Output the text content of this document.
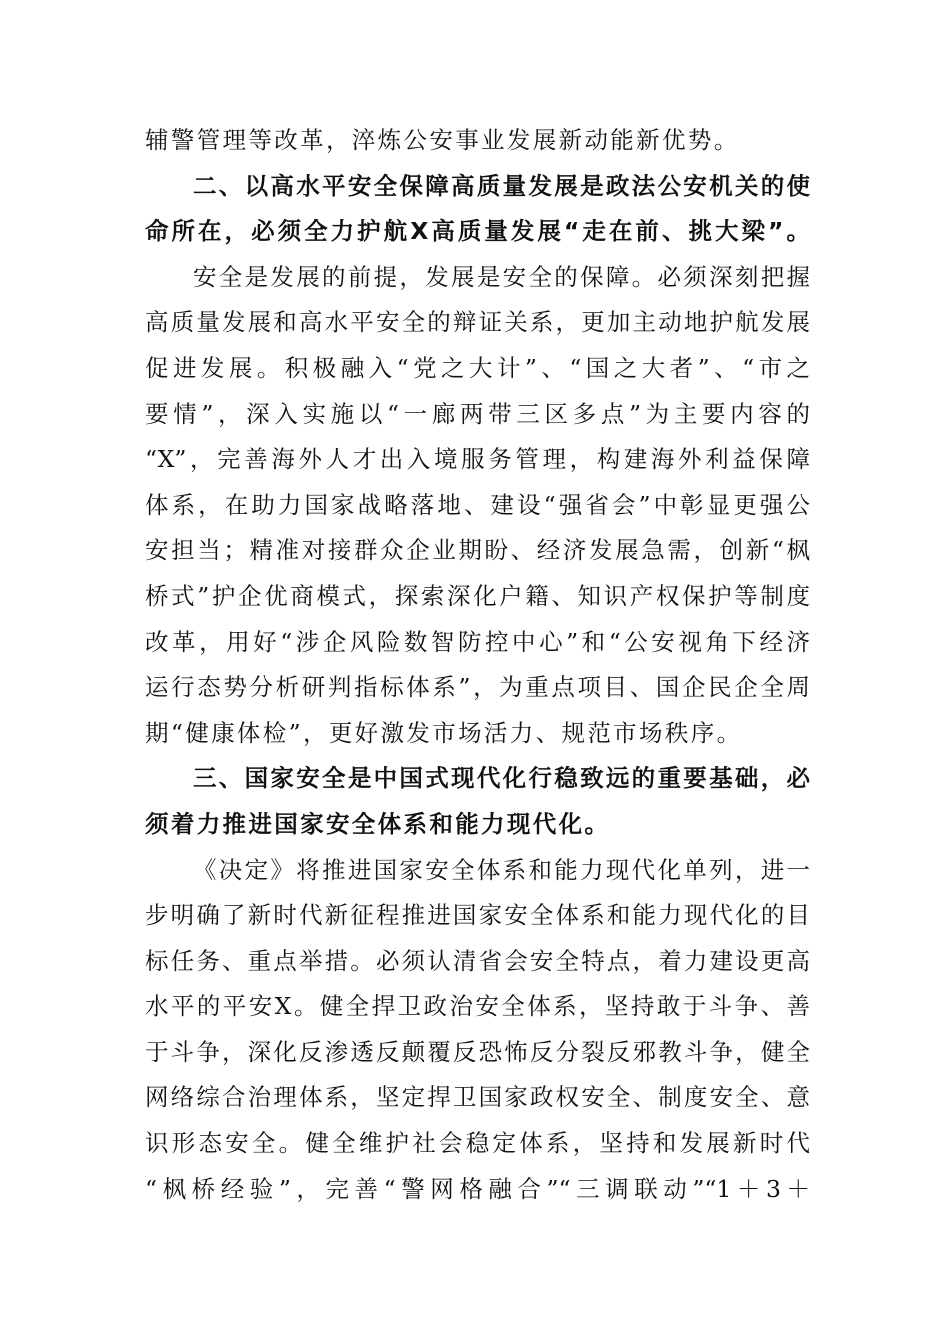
辅警管理等改革，淬炼公安事业发展新动能新优势。
二、以高水平安全保障高质量发展是政法公安机关的使
命所在，必须全力护航X高质量发展“走在前、挑大梁”。
安全是发展的前提，发展是安全的保障。必须深刻把握
高质量发展和高水平安全的辩证关系，更加主动地护航发展
促进发展。积极融入“党之大计”、“国之大者”、“市之
要情”，深入实施以“一廊两带三区多点”为主要内容的
“X”，完善海外人才出入境服务管理，构建海外利益保障
体系，在助力国家战略落地、建设“强省会”中彰显更强公
安担当；精准对接群众企业期盼、经济发展急需，创新“枫
桥式”护企优商模式，探索深化户籍、知识产权保护等制度
改革，用好“涉企风险数智防控中心”和“公安视角下经济
运行态势分析研判指标体系”，为重点项目、国企民企全周
期“健康体检”，更好激发市场活力、规范市场秩序。
三、国家安全是中国式现代化行稳致远的重要基础，必
须着力推进国家安全体系和能力现代化。
《决定》将推进国家安全体系和能力现代化单列，进一
步明确了新时代新征程推进国家安全体系和能力现代化的目
标任务、重点举措。必须认清省会安全特点，着力建设更高
水平的平安X。健全捍卫政治安全体系，坚持敢于斗争、善
于斗争，深化反渗透反颠覆反恐怖反分裂反邪教斗争，健全
网络综合治理体系，坚定捍卫国家政权安全、制度安全、意
识形态安全。健全维护社会稳定体系，坚持和发展新时代
“枫桥经验”，完善“警网格融合”“三调联动”“1＋3＋
